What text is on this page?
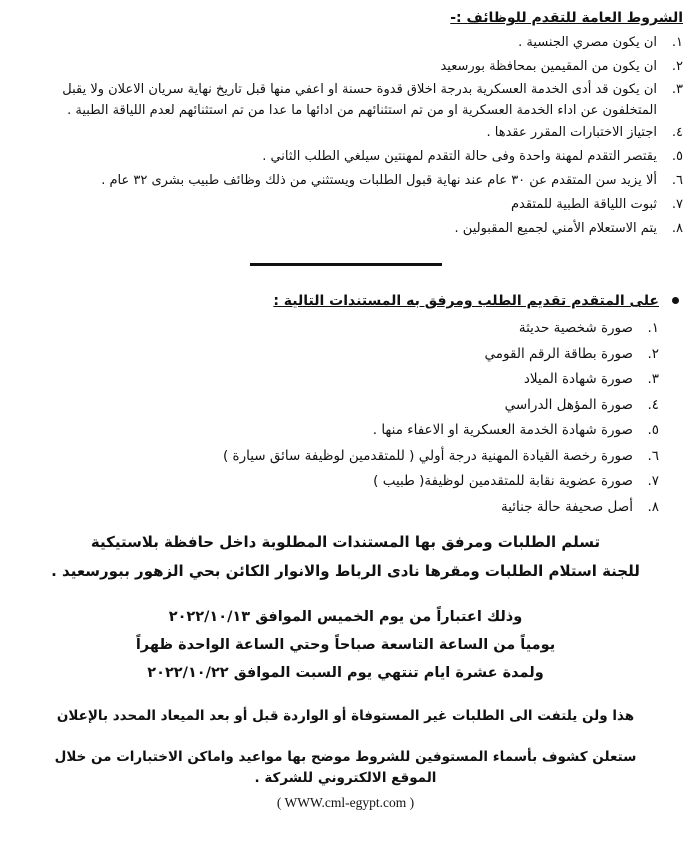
الشروط العامة للتقدم للوظائف :-
١.
ان يكون مصري الجنسية .
٢.
ان يكون من المقيمين بمحافظة بورسعيد
٣.
ان يكون قد أدى الخدمة العسكرية بدرجة اخلاق قدوة حسنة او اعفي منها قبل تاريخ نهاية سريان الاعلان ولا يقبل المتخلفون عن اداء الخدمة العسكرية او من تم استثنائهم من ادائها ما عدا من تم استثنائهم لعدم اللياقة الطبية .
٤.
اجتياز الاختبارات المقرر عقدها .
٥.
يقتصر التقدم لمهنة واحدة وفى حالة التقدم لمهنتين سيلغي الطلب الثاني .
٦.
ألا يزيد سن المتقدم عن ٣٠ عام عند نهاية قبول الطلبات ويستثني من ذلك وظائف طبيب بشرى ٣٢ عام .
٧.
ثبوت اللياقة الطبية للمتقدم
٨.
يتم الاستعلام الأمني لجميع المقبولين .
على المتقدم تقديم الطلب ومرفق به المستندات التالية :
١.
صورة شخصية حديثة
٢.
صورة بطاقة الرقم القومي
٣.
صورة شهادة الميلاد
٤.
صورة المؤهل الدراسي
٥.
صورة شهادة الخدمة العسكرية او الاعفاء منها .
٦.
صورة رخصة القيادة المهنية درجة أولي ( للمتقدمين لوظيفة سائق سيارة )
٧.
صورة عضوية نقابة للمتقدمين لوظيفة( طبيب )
٨.
أصل صحيفة حالة جنائية
تسلم الطلبات ومرفق بها المستندات المطلوبة داخل حافظة بلاستيكية
للجنة استلام الطلبات ومقرها نادى الرباط والانوار الكائن بحي الزهور ببورسعيد .
وذلك اعتباراً من يوم الخميس الموافق ٢٠٢٢/١٠/١٣
يومياً من الساعة التاسعة صباحاً وحتي الساعة الواحدة ظهراً
ولمدة عشرة ايام تنتهي يوم السبت الموافق ٢٠٢٢/١٠/٢٢
هذا ولن يلتفت الى الطلبات غير المستوفاة أو الواردة قبل أو بعد الميعاد المحدد بالإعلان
ستعلن كشوف بأسماء المستوفين للشروط موضح بها مواعيد واماكن الاختبارات من خلال
الموقع الالكتروني للشركة .
( WWW.cml-egypt.com )
